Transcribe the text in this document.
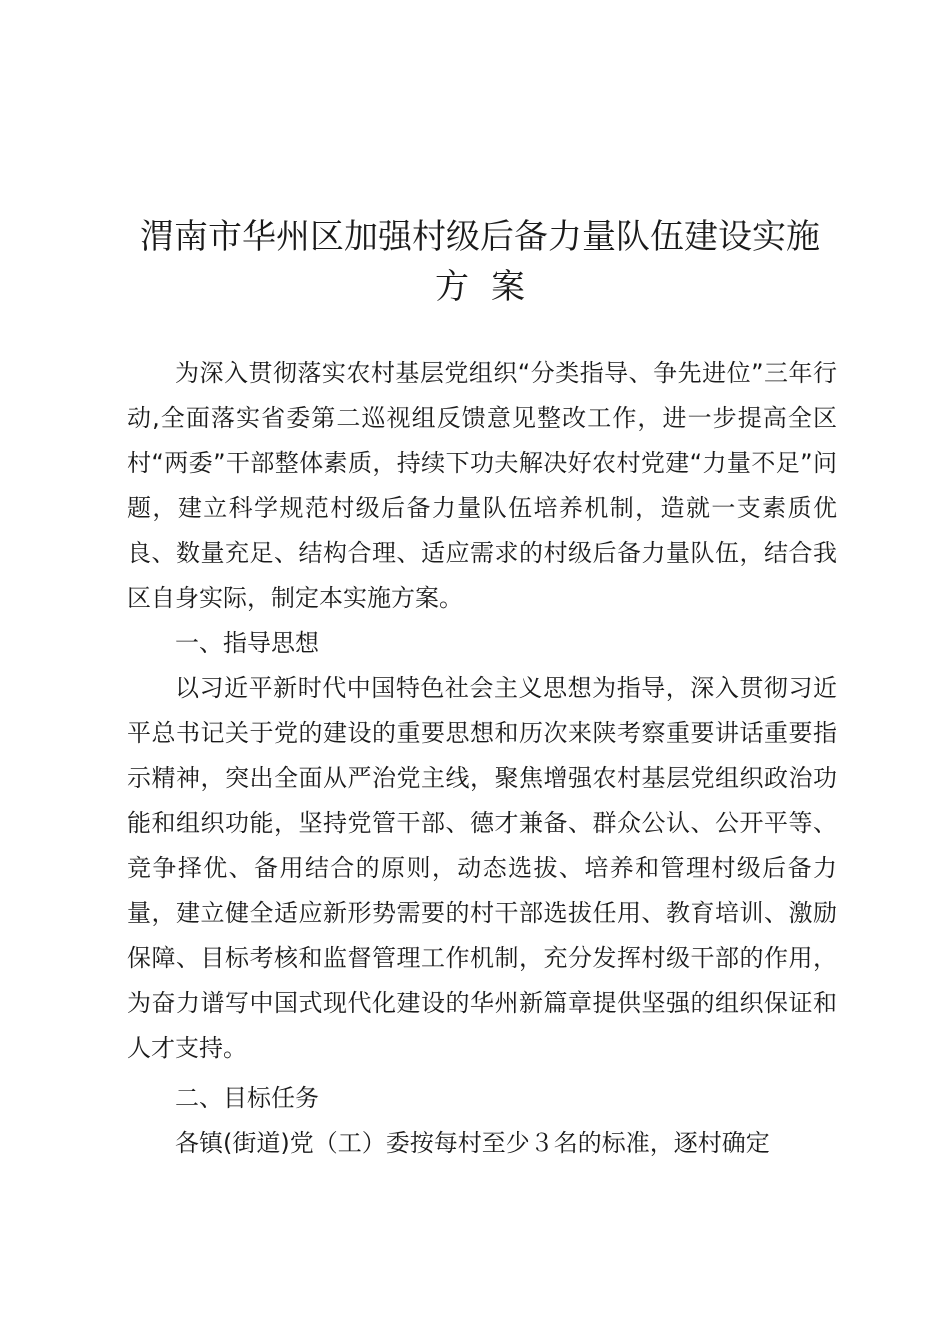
渭南市华州区加强村级后备力量队伍建设实施
方案

为深入贯彻落实农村基层党组织“分类指导、争先进位”三年行动,全面落实省委第二巡视组反馈意见整改工作，进一步提高全区村“两委”干部整体素质，持续下功夫解决好农村党建“力量不足”问题，建立科学规范村级后备力量队伍培养机制，造就一支素质优良、数量充足、结构合理、适应需求的村级后备力量队伍，结合我区自身实际，制定本实施方案。

一、指导思想

以习近平新时代中国特色社会主义思想为指导，深入贯彻习近平总书记关于党的建设的重要思想和历次来陕考察重要讲话重要指示精神，突出全面从严治党主线，聚焦增强农村基层党组织政治功能和组织功能，坚持党管干部、德才兼备、群众公认、公开平等、竞争择优、备用结合的原则，动态选拔、培养和管理村级后备力量，建立健全适应新形势需要的村干部选拔任用、教育培训、激励保障、目标考核和监督管理工作机制，充分发挥村级干部的作用，为奋力谱写中国式现代化建设的华州新篇章提供坚强的组织保证和人才支持。

二、目标任务

各镇(街道)党（工）委按每村至少３名的标准，逐村确定
